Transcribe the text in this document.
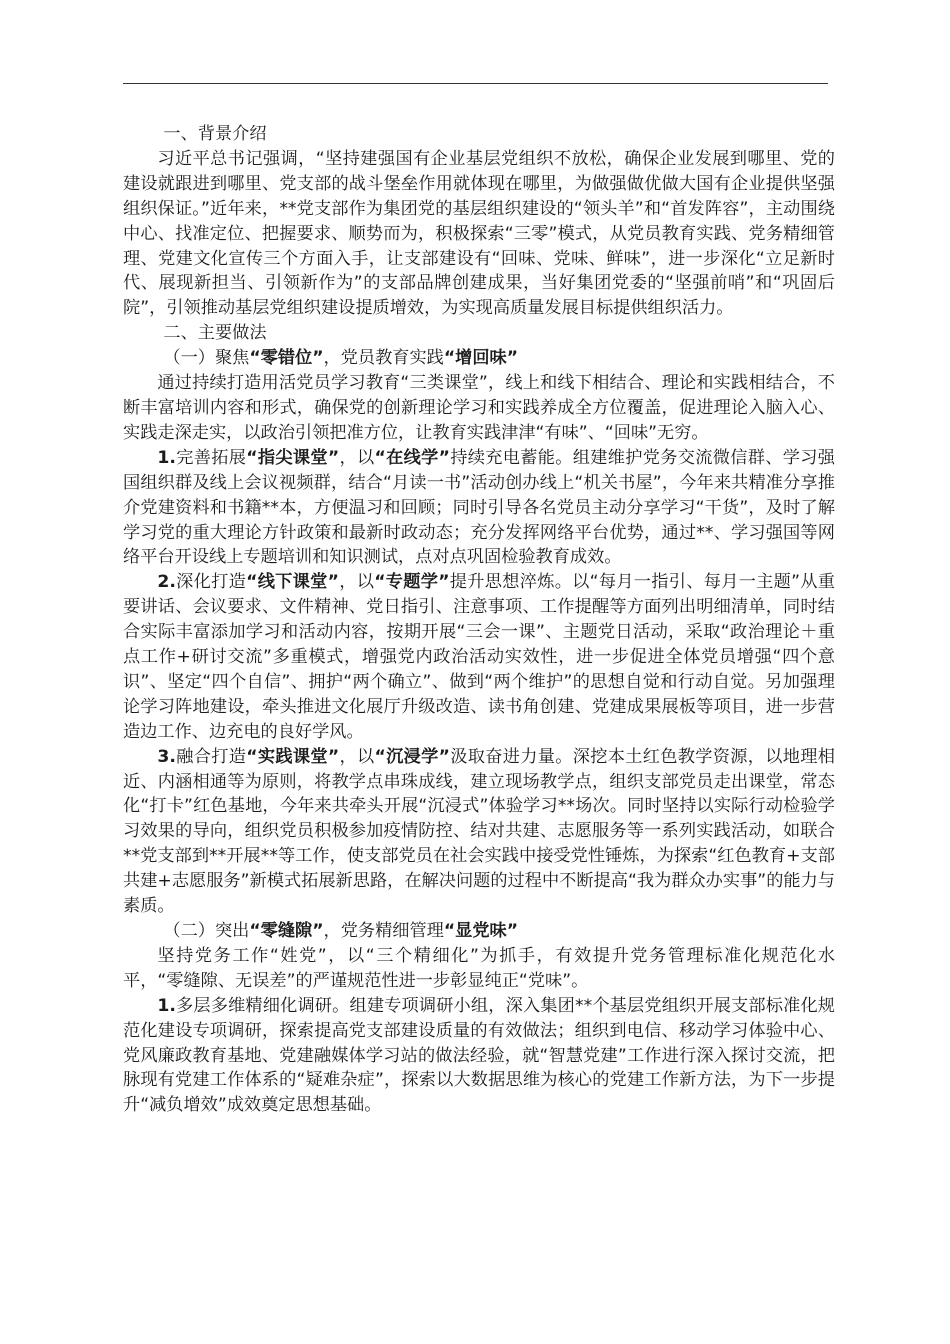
一、背景介绍

习近平总书记强调，“坚持建强国有企业基层党组织不放松，确保企业发展到哪里、党的建设就跟进到哪里、党支部的战斗堡垒作用就体现在哪里，为做强做优做大国有企业提供坚强组织保证。”近年来，**党支部作为集团党的基层组织建设的“领头羊”和“首发阵容”，主动围绕中心、找准定位、把握要求、顺势而为，积极探索“三零”模式，从党员教育实践、党务精细管理、党建文化宣传三个方面入手，让支部建设有“回味、党味、鲜味”，进一步深化“立足新时代、展现新担当、引领新作为”的支部品牌创建成果，当好集团党委的“坚强前哨”和“巩固后院”，引领推动基层党组织建设提质增效，为实现高质量发展目标提供组织活力。

二、主要做法

（一）聚焦“零错位”，党员教育实践“增回味”

通过持续打造用活党员学习教育“三类课堂”，线上和线下相结合、理论和实践相结合，不断丰富培训内容和形式，确保党的创新理论学习和实践养成全方位覆盖，促进理论入脑入心、实践走深走实，以政治引领把准方位，让教育实践津津“有味”、“回味”无穷。

1.完善拓展“指尖课堂”，以“在线学”持续充电蓄能。组建维护党务交流微信群、学习强国组织群及线上会议视频群，结合“月读一书”活动创办线上“机关书屋”，今年来共精准分享推介党建资料和书籍**本，方便温习和回顾；同时引导各名党员主动分享学习“干货”，及时了解学习党的重大理论方针政策和最新时政动态；充分发挥网络平台优势，通过**、学习强国等网络平台开设线上专题培训和知识测试，点对点巩固检验教育成效。

2.深化打造“线下课堂”，以“专题学”提升思想淬炼。以“每月一指引、每月一主题”从重要讲话、会议要求、文件精神、党日指引、注意事项、工作提醒等方面列出明细清单，同时结合实际丰富添加学习和活动内容，按期开展“三会一课”、主题党日活动，采取“政治理论＋重点工作+研讨交流”多重模式，增强党内政治活动实效性，进一步促进全体党员增强“四个意识”、坚定“四个自信”、拥护“两个确立”、做到“两个维护”的思想自觉和行动自觉。另加强理论学习阵地建设，牵头推进文化展厅升级改造、读书角创建、党建成果展板等项目，进一步营造边工作、边充电的良好学风。

3.融合打造“实践课堂”，以“沉浸学”汲取奋进力量。深挖本土红色教学资源，以地理相近、内涵相通等为原则，将教学点串珠成线，建立现场教学点，组织支部党员走出课堂，常态化“打卡”红色基地，今年来共牵头开展“沉浸式”体验学习**场次。同时坚持以实际行动检验学习效果的导向，组织党员积极参加疫情防控、结对共建、志愿服务等一系列实践活动，如联合**党支部到**开展**等工作，使支部党员在社会实践中接受党性锤炼，为探索“红色教育+支部共建+志愿服务”新模式拓展新思路，在解决问题的过程中不断提高“我为群众办实事”的能力与素质。

（二）突出“零缝隙”，党务精细管理“显党味”

坚持党务工作“姓党”，以“三个精细化”为抓手，有效提升党务管理标准化规范化水平，“零缝隙、无误差”的严谨规范性进一步彰显纯正“党味”。

1.多层多维精细化调研。组建专项调研小组，深入集团**个基层党组织开展支部标准化规范化建设专项调研，探索提高党支部建设质量的有效做法；组织到电信、移动学习体验中心、党风廉政教育基地、党建融媒体学习站的做法经验，就“智慧党建”工作进行深入探讨交流，把脉现有党建工作体系的“疑难杂症”，探索以大数据思维为核心的党建工作新方法，为下一步提升“减负增效”成效奠定思想基础。
